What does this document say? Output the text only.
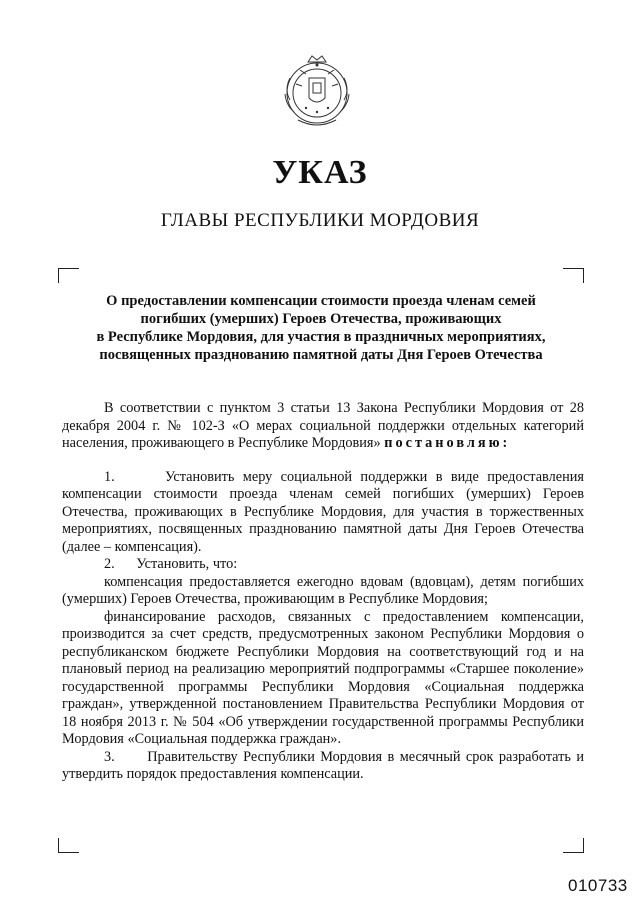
УКАЗ
ГЛАВЫ РЕСПУБЛИКИ МОРДОВИЯ
О предоставлении компенсации стоимости проезда членам семей
погибших (умерших) Героев Отечества, проживающих
в Республике Мордовия, для участия в праздничных мероприятиях,
посвященных празднованию памятной даты Дня Героев Отечества

В соответствии с пунктом 3 статьи 13 Закона Республики Мордовия от 28 декабря 2004 г. № 102-З «О мерах социальной поддержки отдельных категорий населения, проживающего в Республике Мордовия» постановляю:

1.	Установить меру социальной поддержки в виде предоставления компенсации стоимости проезда членам семей погибших (умерших) Героев Отечества, проживающих в Республике Мордовия, для участия в торжественных мероприятиях, посвященных празднованию памятной даты Дня Героев Отечества (далее – компенсация).

2. Установить, что:

компенсация предоставляется ежегодно вдовам (вдовцам), детям погибших (умерших) Героев Отечества, проживающим в Республике Мордовия;

финансирование расходов, связанных с предоставлением компенсации, производится за счет средств, предусмотренных законом Республики Мордовия о республиканском бюджете Республики Мордовия на соответствующий год и на плановый период на реализацию мероприятий подпрограммы «Старшее поколение» государственной программы Республики Мордовия «Социальная поддержка граждан», утвержденной постановлением Правительства Республики Мордовия от 18 ноября 2013 г. № 504 «Об утверждении государственной программы Республики Мордовия «Социальная поддержка граждан».

3. Правительству Республики Мордовия в месячный срок разработать и утвердить порядок предоставления компенсации.

010733
